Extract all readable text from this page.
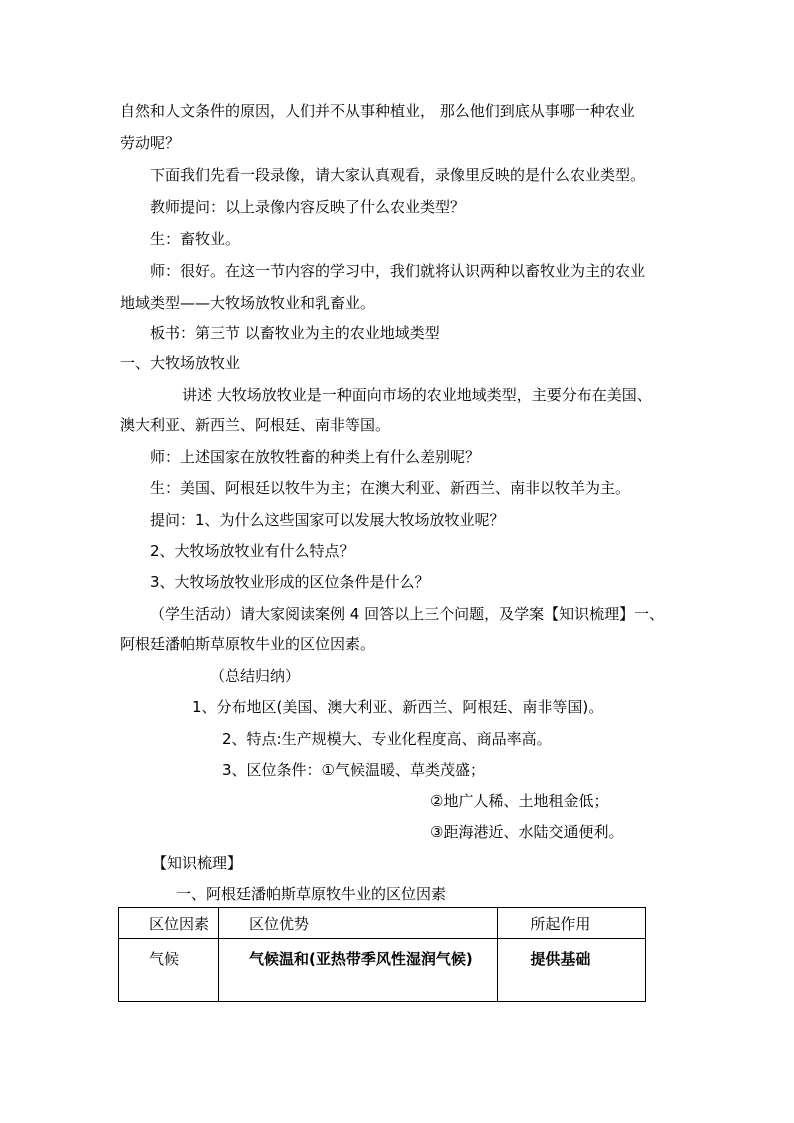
自然和人文条件的原因，人们并不从事种植业， 那么他们到底从事哪一种农业
劳动呢？
下面我们先看一段录像，请大家认真观看，录像里反映的是什么农业类型。
教师提问：以上录像内容反映了什么农业类型？
生：畜牧业。
师：很好。在这一节内容的学习中，我们就将认识两种以畜牧业为主的农业
地域类型——大牧场放牧业和乳畜业。
板书：第三节 以畜牧业为主的农业地域类型
一、大牧场放牧业
讲述 大牧场放牧业是一种面向市场的农业地域类型，主要分布在美国、
澳大利亚、新西兰、阿根廷、南非等国。
师：上述国家在放牧牲畜的种类上有什么差别呢？
生：美国、阿根廷以牧牛为主；在澳大利亚、新西兰、南非以牧羊为主。
提问：1、为什么这些国家可以发展大牧场放牧业呢？
2、大牧场放牧业有什么特点？
3、大牧场放牧业形成的区位条件是什么？
（学生活动）请大家阅读案例 4 回答以上三个问题，及学案【知识梳理】一、
阿根廷潘帕斯草原牧牛业的区位因素。
（总结归纳）
1、分布地区(美国、澳大利亚、新西兰、阿根廷、南非等国)。
2、特点:生产规模大、专业化程度高、商品率高。
3、区位条件：①气候温暖、草类茂盛；
②地广人稀、土地租金低；
③距海港近、水陆交通便利。
【知识梳理】
一、阿根廷潘帕斯草原牧牛业的区位因素
区位因素	区位优势	所起作用

气候	气候温和(亚热带季风性湿润气候)	提供基础
